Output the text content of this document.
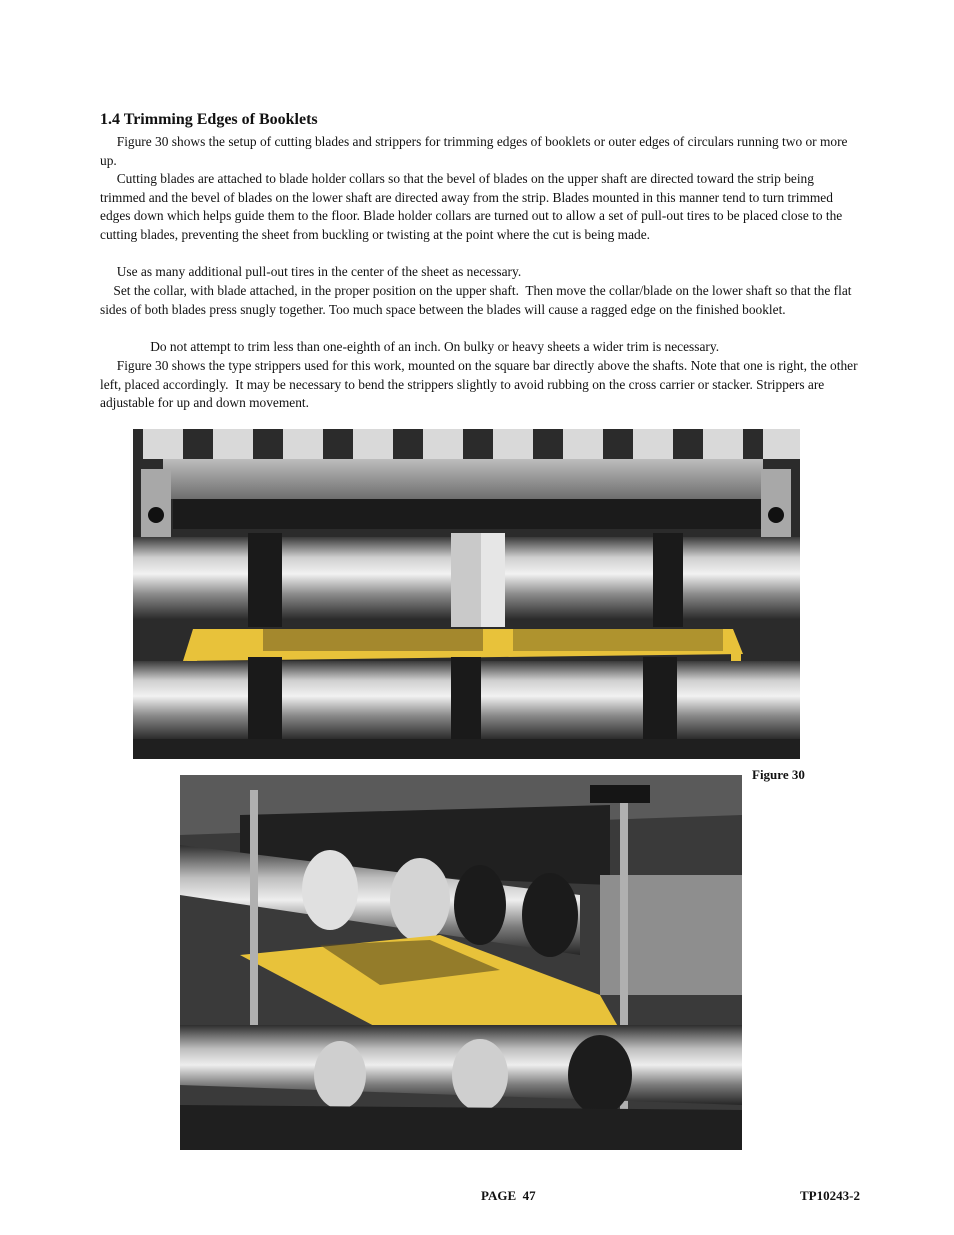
1.4 Trimming Edges of Booklets

Figure 30 shows the setup of cutting blades and strippers for trimming edges of booklets or outer edges of circulars running two or more up.

Cutting blades are attached to blade holder collars so that the bevel of blades on the upper shaft are directed toward the strip being trimmed and the bevel of blades on the lower shaft are directed away from the strip. Blades mounted in this manner tend to turn trimmed edges down which helps guide them to the floor. Blade holder collars are turned out to allow a set of pull-out tires to be placed close to the cutting blades, preventing the sheet from buckling or twisting at the point where the cut is being made.

Use as many additional pull-out tires in the center of the sheet as necessary.

Set the collar, with blade attached, in the proper position on the upper shaft.  Then move the collar/blade on the lower shaft so that the flat sides of both blades press snugly together. Too much space between the blades will cause a ragged edge on the finished booklet.

Do not attempt to trim less than one-eighth of an inch. On bulky or heavy sheets a wider trim is necessary.

Figure 30 shows the type strippers used for this work, mounted on the square bar directly above the shafts. Note that one is right, the other left, placed accordingly.  It may be necessary to bend the strippers slightly to avoid rubbing on the cross carrier or stacker. Strippers are adjustable for up and down movement.

Figure 30
PAGE  47	TP10243-2
